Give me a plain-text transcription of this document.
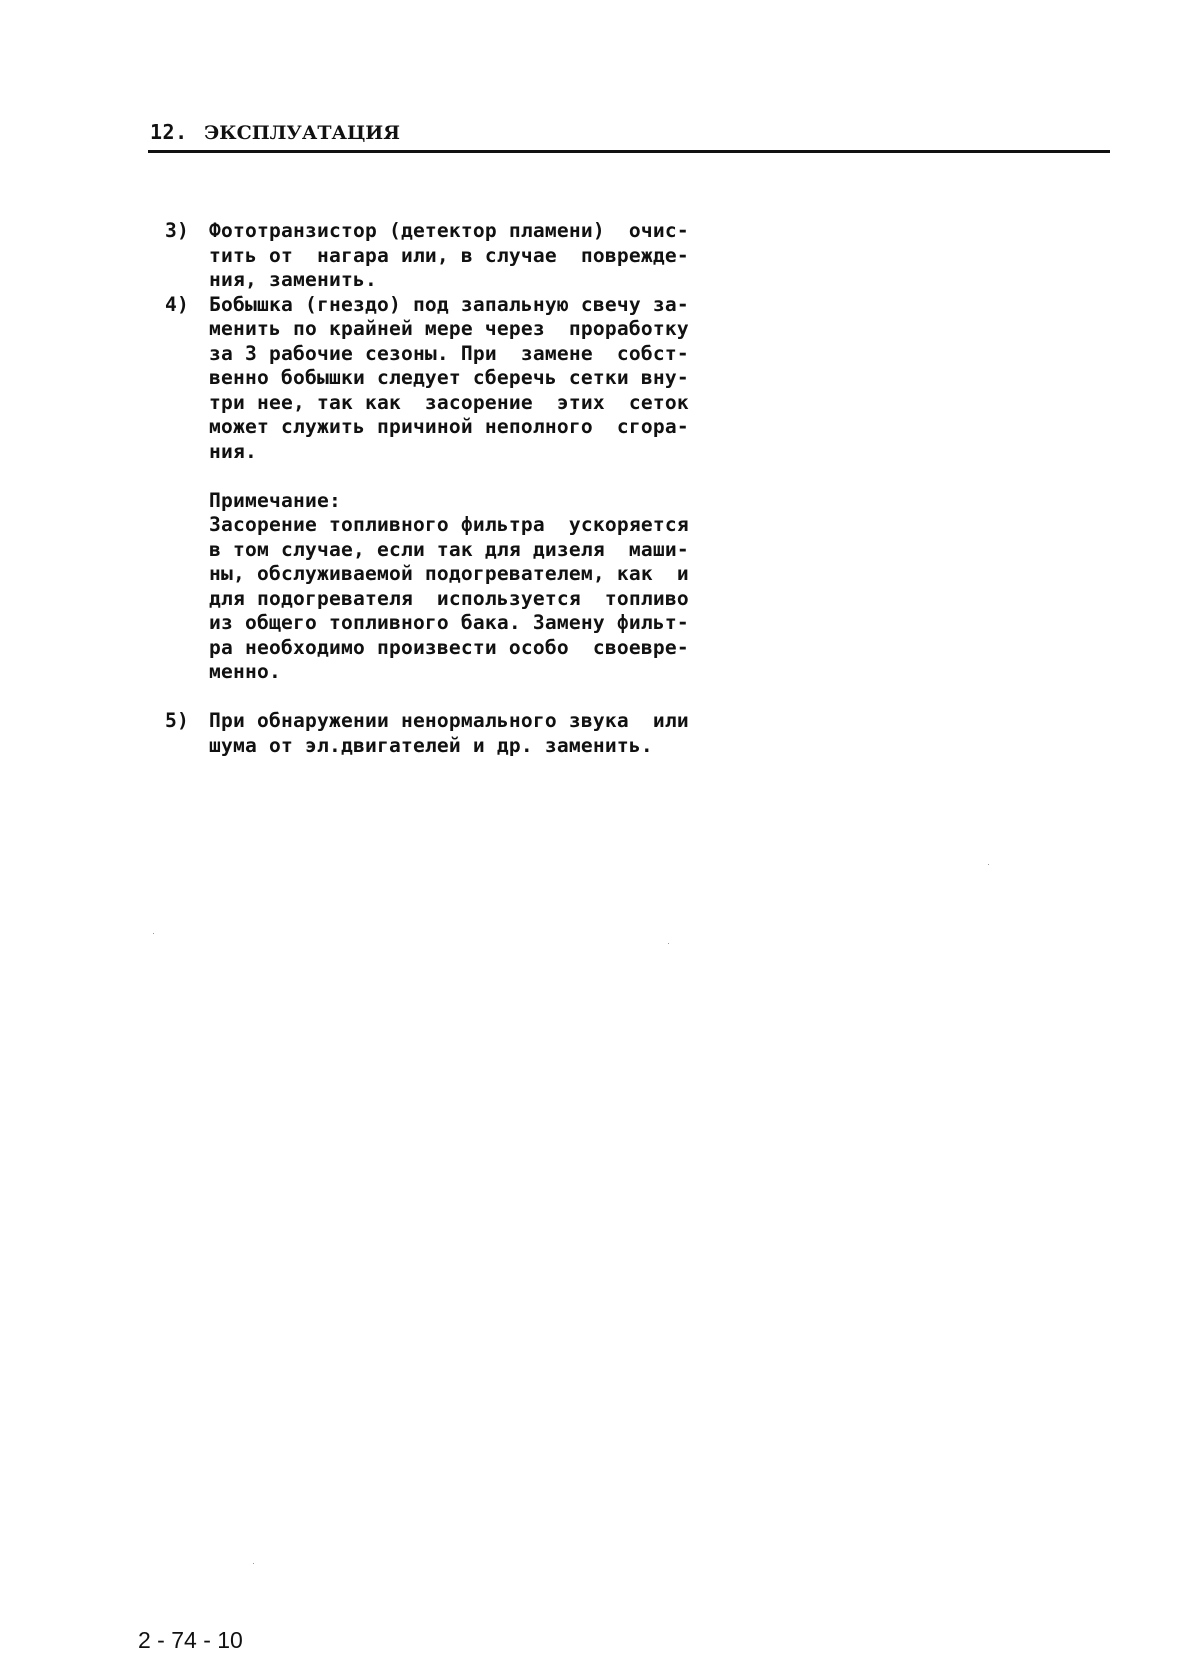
12. ЭКСПЛУАТАЦИЯ
3)	Фототранзистор (детектор пламени)  очис-
тить от  нагара или, в случае  поврежде-
ния, заменить.
4)	Бобышка (гнездо) под запальную свечу за-
менить по крайней мере через  проработку
за 3 рабочие сезоны. При  замене  собст-
венно бобышки следует сберечь сетки вну-
три нее, так как  засорение  этих  сеток
может служить причиной неполного  сгора-
ния.
Примечание:
Засорение топливного фильтра  ускоряется
в том случае, если так для дизеля  маши-
ны, обслуживаемой подогревателем, как  и
для подогревателя  используется  топливо
из общего топливного бака. Замену фильт-
ра необходимо произвести особо  своевре-
менно.
5)	При обнаружении ненормального звука  или
шума от эл.двигателей и др. заменить.
2 - 74 - 10
